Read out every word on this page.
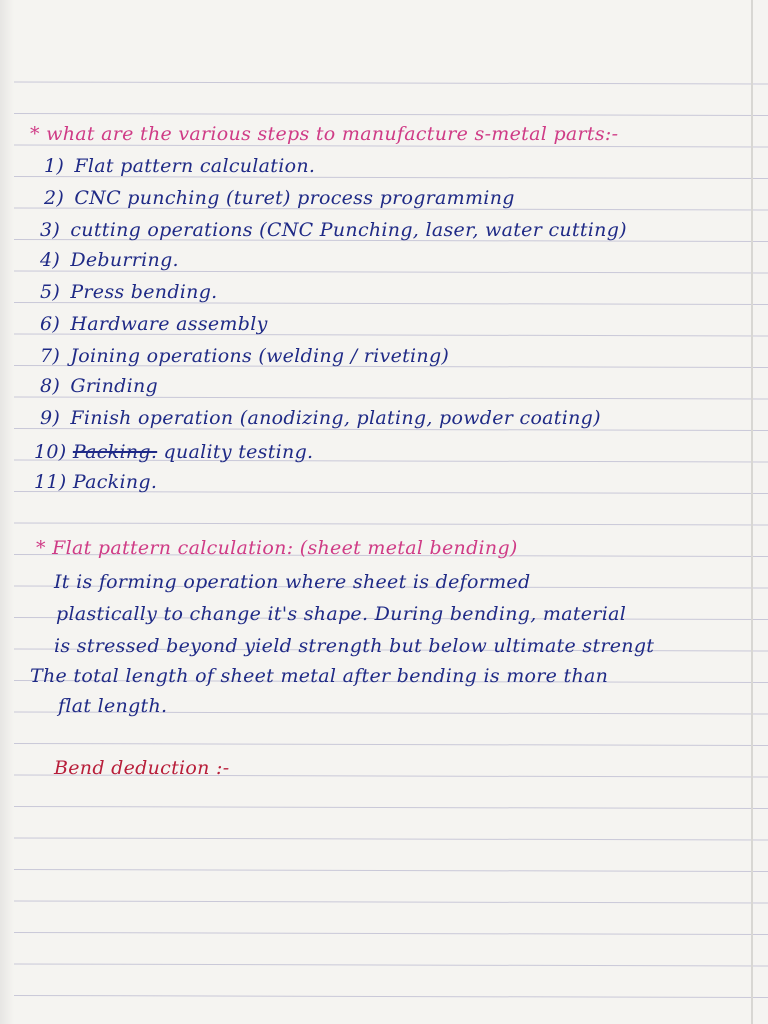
* what are the various steps to manufacture s-metal parts:-
1) Flat pattern calculation.
2) CNC punching (turet) process programming
3) cutting operations (CNC Punching, laser, water cutting)
4) Deburring.
5) Press bending.
6) Hardware assembly
7) Joining operations (welding / riveting)
8) Grinding
9) Finish operation (anodizing, plating, powder coating)
10) Packing. quality testing.
11) Packing.
* Flat pattern calculation: (sheet metal bending)
It is forming operation where sheet is deformed
plastically to change it's shape. During bending, material
is stressed beyond yield strength but below ultimate strengt
The total length of sheet metal after bending is more than
flat length.
Bend deduction :-
